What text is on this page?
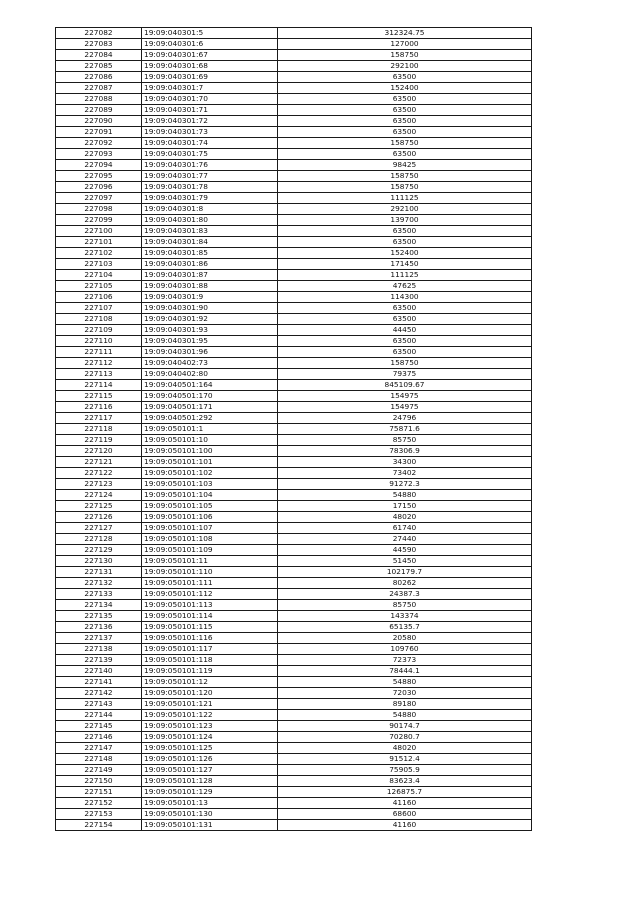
227082	19:09:040301:5	312324.75
227083	19:09:040301:6	127000
227084	19:09:040301:67	158750
227085	19:09:040301:68	292100
227086	19:09:040301:69	63500
227087	19:09:040301:7	152400
227088	19:09:040301:70	63500
227089	19:09:040301:71	63500
227090	19:09:040301:72	63500
227091	19:09:040301:73	63500
227092	19:09:040301:74	158750
227093	19:09:040301:75	63500
227094	19:09:040301:76	98425
227095	19:09:040301:77	158750
227096	19:09:040301:78	158750
227097	19:09:040301:79	111125
227098	19:09:040301:8	292100
227099	19:09:040301:80	139700
227100	19:09:040301:83	63500
227101	19:09:040301:84	63500
227102	19:09:040301:85	152400
227103	19:09:040301:86	171450
227104	19:09:040301:87	111125
227105	19:09:040301:88	47625
227106	19:09:040301:9	114300
227107	19:09:040301:90	63500
227108	19:09:040301:92	63500
227109	19:09:040301:93	44450
227110	19:09:040301:95	63500
227111	19:09:040301:96	63500
227112	19:09:040402:73	158750
227113	19:09:040402:80	79375
227114	19:09:040501:164	845109.67
227115	19:09:040501:170	154975
227116	19:09:040501:171	154975
227117	19:09:040501:292	24796
227118	19:09:050101:1	75871.6
227119	19:09:050101:10	85750
227120	19:09:050101:100	78306.9
227121	19:09:050101:101	34300
227122	19:09:050101:102	73402
227123	19:09:050101:103	91272.3
227124	19:09:050101:104	54880
227125	19:09:050101:105	17150
227126	19:09:050101:106	48020
227127	19:09:050101:107	61740
227128	19:09:050101:108	27440
227129	19:09:050101:109	44590
227130	19:09:050101:11	51450
227131	19:09:050101:110	102179.7
227132	19:09:050101:111	80262
227133	19:09:050101:112	24387.3
227134	19:09:050101:113	85750
227135	19:09:050101:114	143374
227136	19:09:050101:115	65135.7
227137	19:09:050101:116	20580
227138	19:09:050101:117	109760
227139	19:09:050101:118	72373
227140	19:09:050101:119	78444.1
227141	19:09:050101:12	54880
227142	19:09:050101:120	72030
227143	19:09:050101:121	89180
227144	19:09:050101:122	54880
227145	19:09:050101:123	90174.7
227146	19:09:050101:124	70280.7
227147	19:09:050101:125	48020
227148	19:09:050101:126	91512.4
227149	19:09:050101:127	75905.9
227150	19:09:050101:128	83623.4
227151	19:09:050101:129	126875.7
227152	19:09:050101:13	41160
227153	19:09:050101:130	68600
227154	19:09:050101:131	41160
